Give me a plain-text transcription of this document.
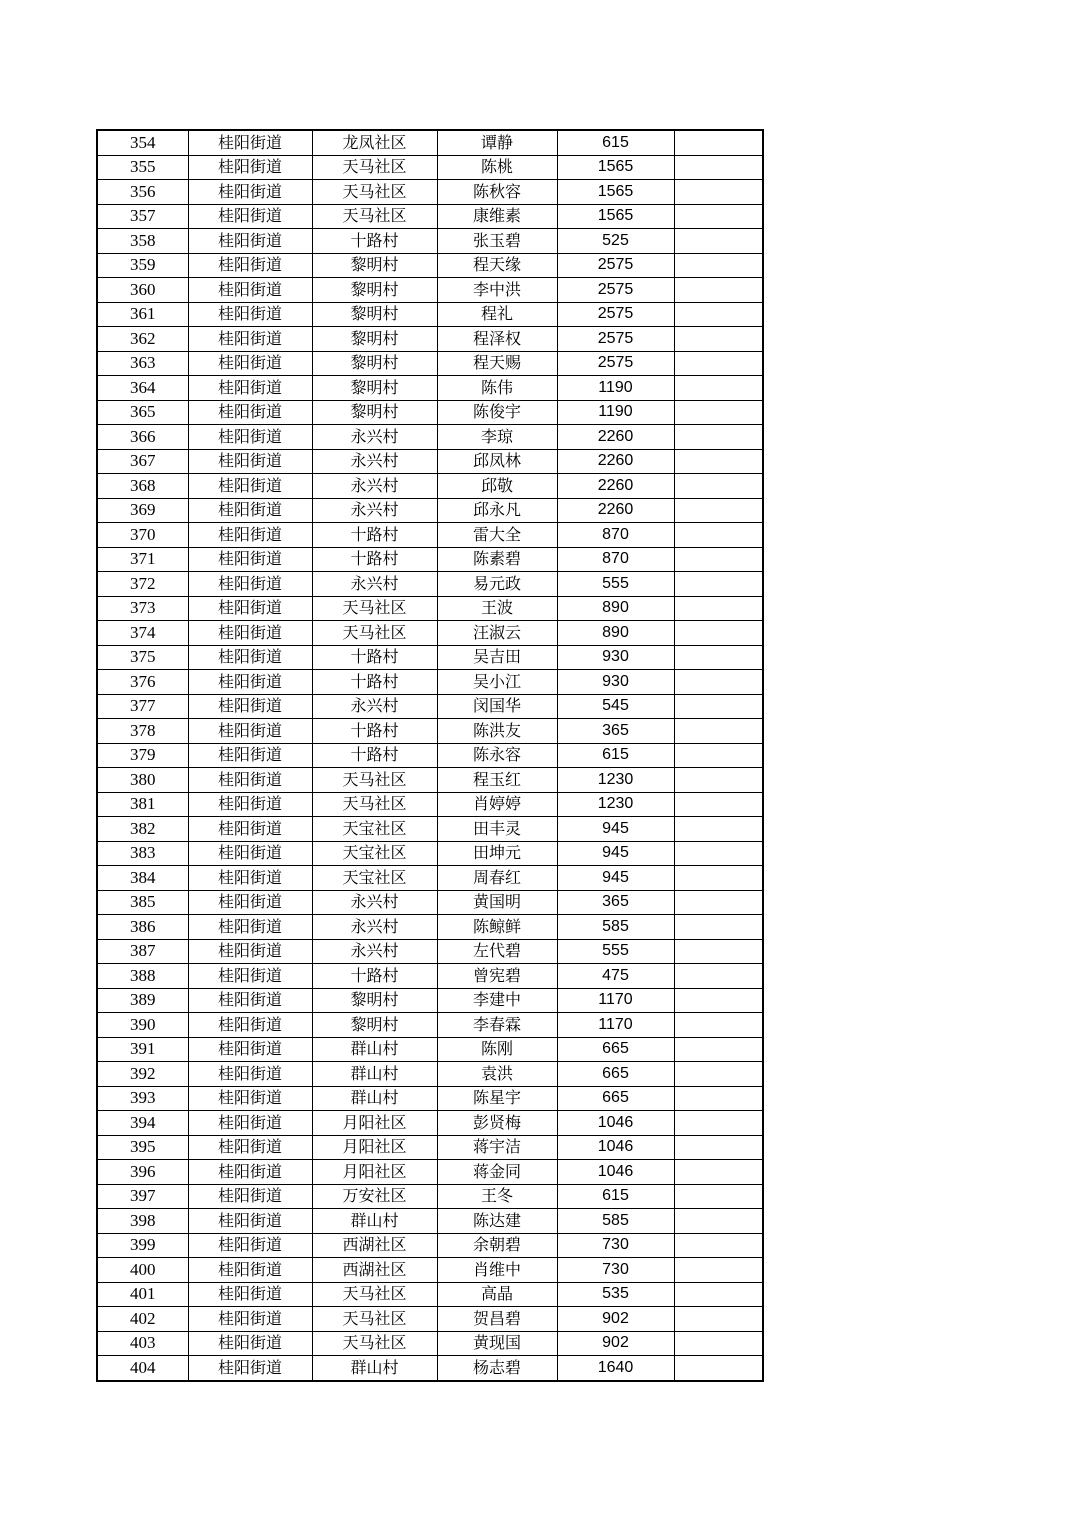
354	桂阳街道	龙凤社区	谭静	615	
355	桂阳街道	天马社区	陈桃	1565	
356	桂阳街道	天马社区	陈秋容	1565	
357	桂阳街道	天马社区	康维素	1565	
358	桂阳街道	十路村	张玉碧	525	
359	桂阳街道	黎明村	程天缘	2575	
360	桂阳街道	黎明村	李中洪	2575	
361	桂阳街道	黎明村	程礼	2575	
362	桂阳街道	黎明村	程泽权	2575	
363	桂阳街道	黎明村	程天赐	2575	
364	桂阳街道	黎明村	陈伟	1190	
365	桂阳街道	黎明村	陈俊宇	1190	
366	桂阳街道	永兴村	李琼	2260	
367	桂阳街道	永兴村	邱凤林	2260	
368	桂阳街道	永兴村	邱敬	2260	
369	桂阳街道	永兴村	邱永凡	2260	
370	桂阳街道	十路村	雷大全	870	
371	桂阳街道	十路村	陈素碧	870	
372	桂阳街道	永兴村	易元政	555	
373	桂阳街道	天马社区	王波	890	
374	桂阳街道	天马社区	汪淑云	890	
375	桂阳街道	十路村	吴吉田	930	
376	桂阳街道	十路村	吴小江	930	
377	桂阳街道	永兴村	闵国华	545	
378	桂阳街道	十路村	陈洪友	365	
379	桂阳街道	十路村	陈永容	615	
380	桂阳街道	天马社区	程玉红	1230	
381	桂阳街道	天马社区	肖婷婷	1230	
382	桂阳街道	天宝社区	田丰灵	945	
383	桂阳街道	天宝社区	田坤元	945	
384	桂阳街道	天宝社区	周春红	945	
385	桂阳街道	永兴村	黄国明	365	
386	桂阳街道	永兴村	陈鲸鲜	585	
387	桂阳街道	永兴村	左代碧	555	
388	桂阳街道	十路村	曾宪碧	475	
389	桂阳街道	黎明村	李建中	1170	
390	桂阳街道	黎明村	李春霖	1170	
391	桂阳街道	群山村	陈刚	665	
392	桂阳街道	群山村	袁洪	665	
393	桂阳街道	群山村	陈星宇	665	
394	桂阳街道	月阳社区	彭贤梅	1046	
395	桂阳街道	月阳社区	蒋宇洁	1046	
396	桂阳街道	月阳社区	蒋金同	1046	
397	桂阳街道	万安社区	王冬	615	
398	桂阳街道	群山村	陈达建	585	
399	桂阳街道	西湖社区	余朝碧	730	
400	桂阳街道	西湖社区	肖维中	730	
401	桂阳街道	天马社区	高晶	535	
402	桂阳街道	天马社区	贺昌碧	902	
403	桂阳街道	天马社区	黄现国	902	
404	桂阳街道	群山村	杨志碧	1640	
